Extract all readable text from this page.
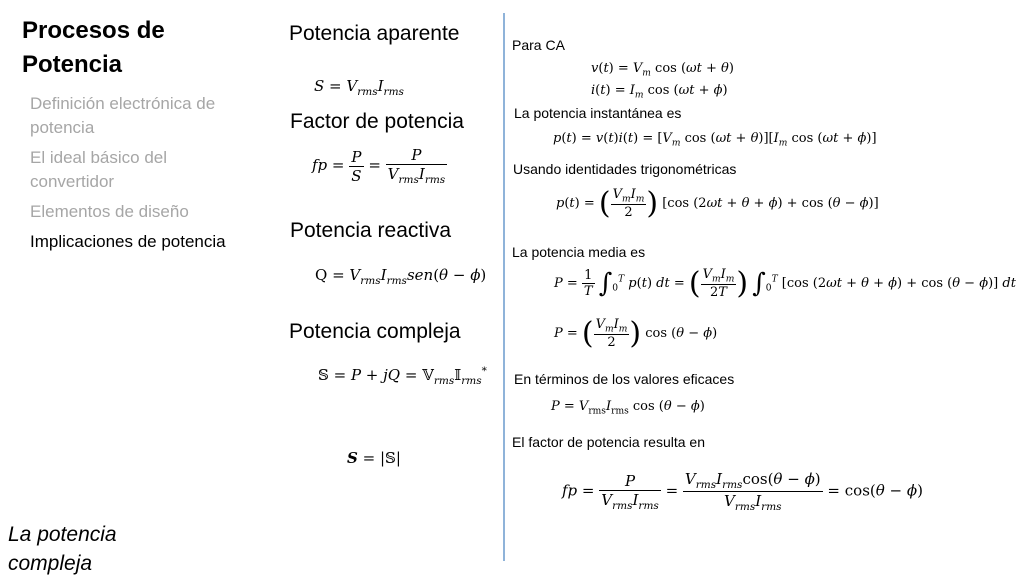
Procesos de Potencia
Definición electrónica de potencia
El ideal básico del convertidor
Elementos de diseño
Implicaciones de potencia
La potencia compleja
Potencia aparente
$S = V_{rms}I_{rms}$
Factor de potencia
fp = $\frac{P}{S} = \frac{P}{V_{rms}I_{rms}}$
Potencia reactiva
$Q = V_{rms}I_{rms}sen(\theta - \phi)$
Potencia compleja
𝕊 = P + jQ = 𝕍$_{rms}$𝕀$_{rms}$*
S = |𝕊|
Para CA
$v(t) = V_m$ cos (ωt + θ)
$i(t) = I_m$ cos (ωt + ϕ)
La potencia instantánea es
$p(t) = v(t)i(t) = [V_m$ $\cos (\omega t + \theta)][I_m$ cos (ωt + ϕ)]
Usando identidades trigonométricas
p(t) = ( $\frac{V_mI_m}{2}$ ) [cos (2ωt + θ + ϕ) + cos (θ − ϕ)]
La potencia media es
$P = \frac{1}{T} \int_0^T$ p(t) dt = ( $\frac{V_mI_m}{2T}$ ) $\int_0^T$ [cos (2ωt + θ + ϕ) + cos (θ − ϕ)] dt
P = ( $\frac{V_mI_m}{2}$ ) cos (θ − ϕ)
En términos de los valores eficaces
$P = V_{rms}I_{rms}$ cos (θ − ϕ)
El factor de potencia resulta en
fp = $\frac{P}{V_{rms}I_{rms}} = \frac{V_{rms}I_{rms}\cos(\theta - \phi)}{V_{rms}I_{rms}} = \cos(\theta - \phi)$
